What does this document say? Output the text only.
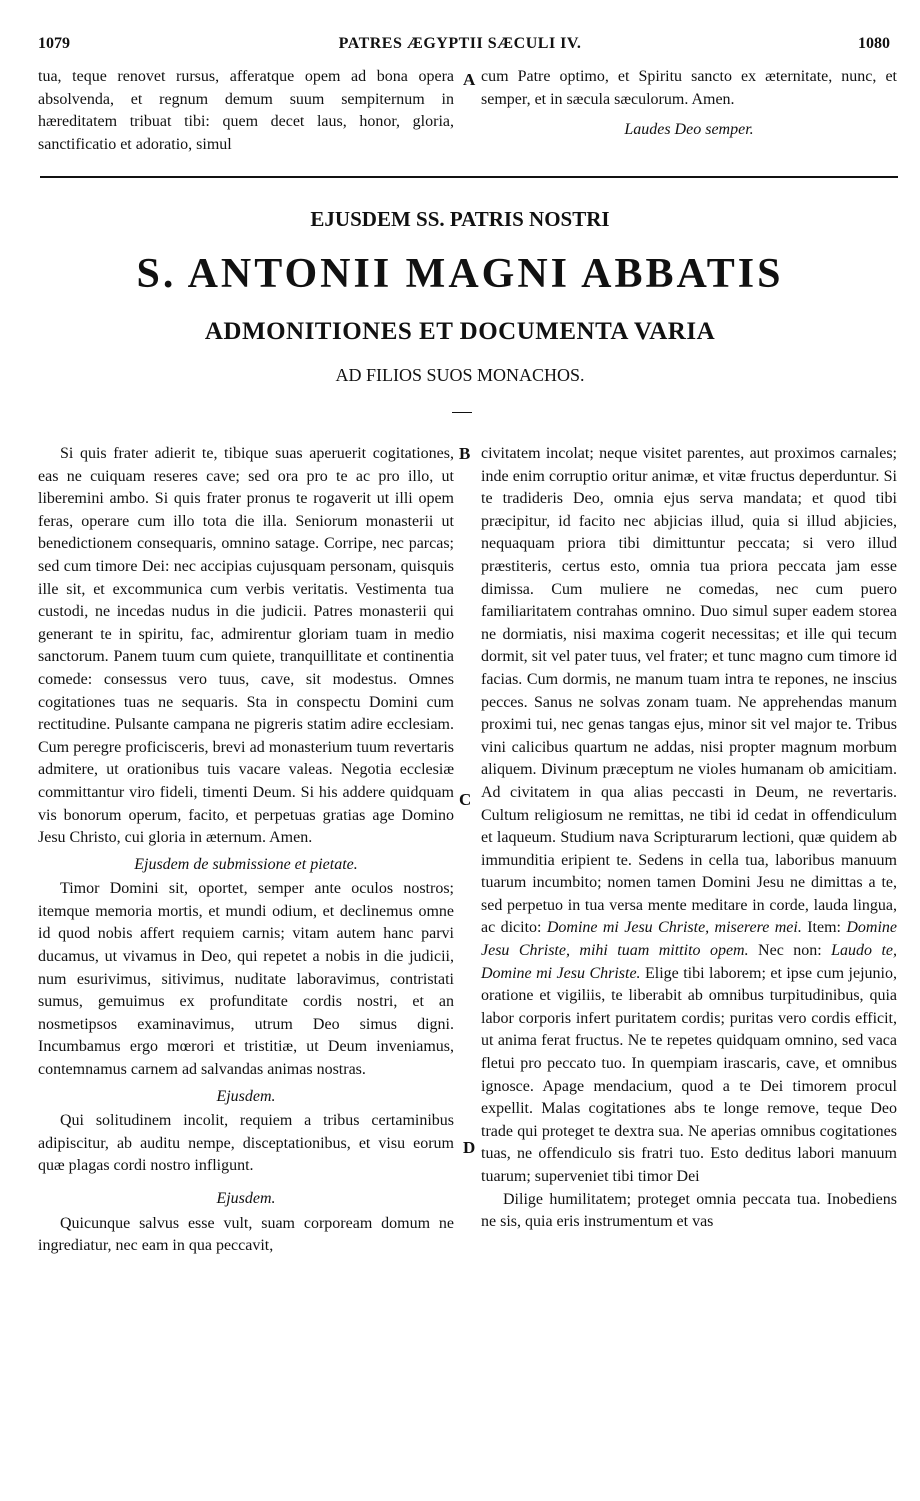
1079	PATRES ÆGYPTII SÆCULI IV.	1080

tua, teque renovet rursus, afferatque opem ad bona opera absolvenda, et regnum demum suum sempiternum in hæreditatem tribuat tibi: quem decet laus, honor, gloria, sanctificatio et adoratio, simul

A cum Patre optimo, et Spiritu sancto ex æternitate, nunc, et semper, et in sæcula sæculorum. Amen.

Laudes Deo semper.

EJUSDEM SS. PATRIS NOSTRI
S. ANTONII MAGNI ABBATIS
ADMONITIONES ET DOCUMENTA VARIA
AD FILIOS SUOS MONACHOS.
B
C
D

Si quis frater adierit te, tibique suas aperuerit cogitationes, eas ne cuiquam reseres cave; sed ora pro te ac pro illo, ut liberemini ambo. Si quis frater pronus te rogaverit ut illi opem feras, operare cum illo tota die illa. Seniorum monasterii ut benedictionem consequaris, omnino satage. Corripe, nec parcas; sed cum timore Dei: nec accipias cujusquam personam, quisquis ille sit, et excommunica cum verbis veritatis. Vestimenta tua custodi, ne incedas nudus in die judicii. Patres monasterii qui generant te in spiritu, fac, admirentur gloriam tuam in medio sanctorum. Panem tuum cum quiete, tranquillitate et continentia comede: consessus vero tuus, cave, sit modestus. Omnes cogitationes tuas ne sequaris. Sta in conspectu Domini cum rectitudine. Pulsante campana ne pigreris statim adire ecclesiam. Cum peregre proficisceris, brevi ad monasterium tuum revertaris admitere, ut orationibus tuis vacare valeas. Negotia ecclesiæ committantur viro fideli, timenti Deum. Si his addere quidquam vis bonorum operum, facito, et perpetuas gratias age Domino Jesu Christo, cui gloria in æternum. Amen.

Ejusdem de submissione et pietate.

Timor Domini sit, oportet, semper ante oculos nostros; itemque memoria mortis, et mundi odium, et declinemus omne id quod nobis affert requiem carnis; vitam autem hanc parvi ducamus, ut vivamus in Deo, qui repetet a nobis in die judicii, num esurivimus, sitivimus, nuditate laboravimus, contristati sumus, gemuimus ex profunditate cordis nostri, et an nosmetipsos examinavimus, utrum Deo simus digni. Incumbamus ergo mœrori et tristitiæ, ut Deum inveniamus, contemnamus carnem ad salvandas animas nostras.

Ejusdem.

Qui solitudinem incolit, requiem a tribus certaminibus adipiscitur, ab auditu nempe, disceptationibus, et visu eorum quæ plagas cordi nostro infligunt.

Ejusdem.

Quicunque salvus esse vult, suam corpoream domum ne ingrediatur, nec eam in qua peccavit,

civitatem incolat; neque visitet parentes, aut proximos carnales; inde enim corruptio oritur animæ, et vitæ fructus deperduntur. Si te tradideris Deo, omnia ejus serva mandata; et quod tibi præcipitur, id facito nec abjicias illud, quia si illud abjicies, nequaquam priora tibi dimittuntur peccata; si vero illud præstiteris, certus esto, omnia tua priora peccata jam esse dimissa. Cum muliere ne comedas, nec cum puero familiaritatem contrahas omnino. Duo simul super eadem storea ne dormiatis, nisi maxima cogerit necessitas; et ille qui tecum dormit, sit vel pater tuus, vel frater; et tunc magno cum timore id facias. Cum dormis, ne manum tuam intra te repones, ne inscius pecces. Sanus ne solvas zonam tuam. Ne apprehendas manum proximi tui, nec genas tangas ejus, minor sit vel major te. Tribus vini calicibus quartum ne addas, nisi propter magnum morbum aliquem. Divinum præceptum ne violes humanam ob amicitiam. Ad civitatem in qua alias peccasti in Deum, ne revertaris. Cultum religiosum ne remittas, ne tibi id cedat in offendiculum et laqueum. Studium nava Scripturarum lectioni, quæ quidem ab immunditia eripient te. Sedens in cella tua, laboribus manuum tuarum incumbito; nomen tamen Domini Jesu ne dimittas a te, sed perpetuo in tua versa mente meditare in corde, lauda lingua, ac dicito: Domine mi Jesu Christe, miserere mei. Item: Domine Jesu Christe, mihi tuam mittito opem. Nec non: Laudo te, Domine mi Jesu Christe. Elige tibi laborem; et ipse cum jejunio, oratione et vigiliis, te liberabit ab omnibus turpitudinibus, quia labor corporis infert puritatem cordis; puritas vero cordis efficit, ut anima ferat fructus. Ne te repetes quidquam omnino, sed vaca fletui pro peccato tuo. In quempiam irascaris, cave, et omnibus ignosce. Apage mendacium, quod a te Dei timorem procul expellit. Malas cogitationes abs te longe remove, teque Deo trade qui proteget te dextra sua. Ne aperias omnibus cogitationes tuas, ne offendiculo sis fratri tuo. Esto deditus labori manuum tuarum; superveniet tibi timor Dei

Dilige humilitatem; proteget omnia peccata tua. Inobediens ne sis, quia eris instrumentum et vas
